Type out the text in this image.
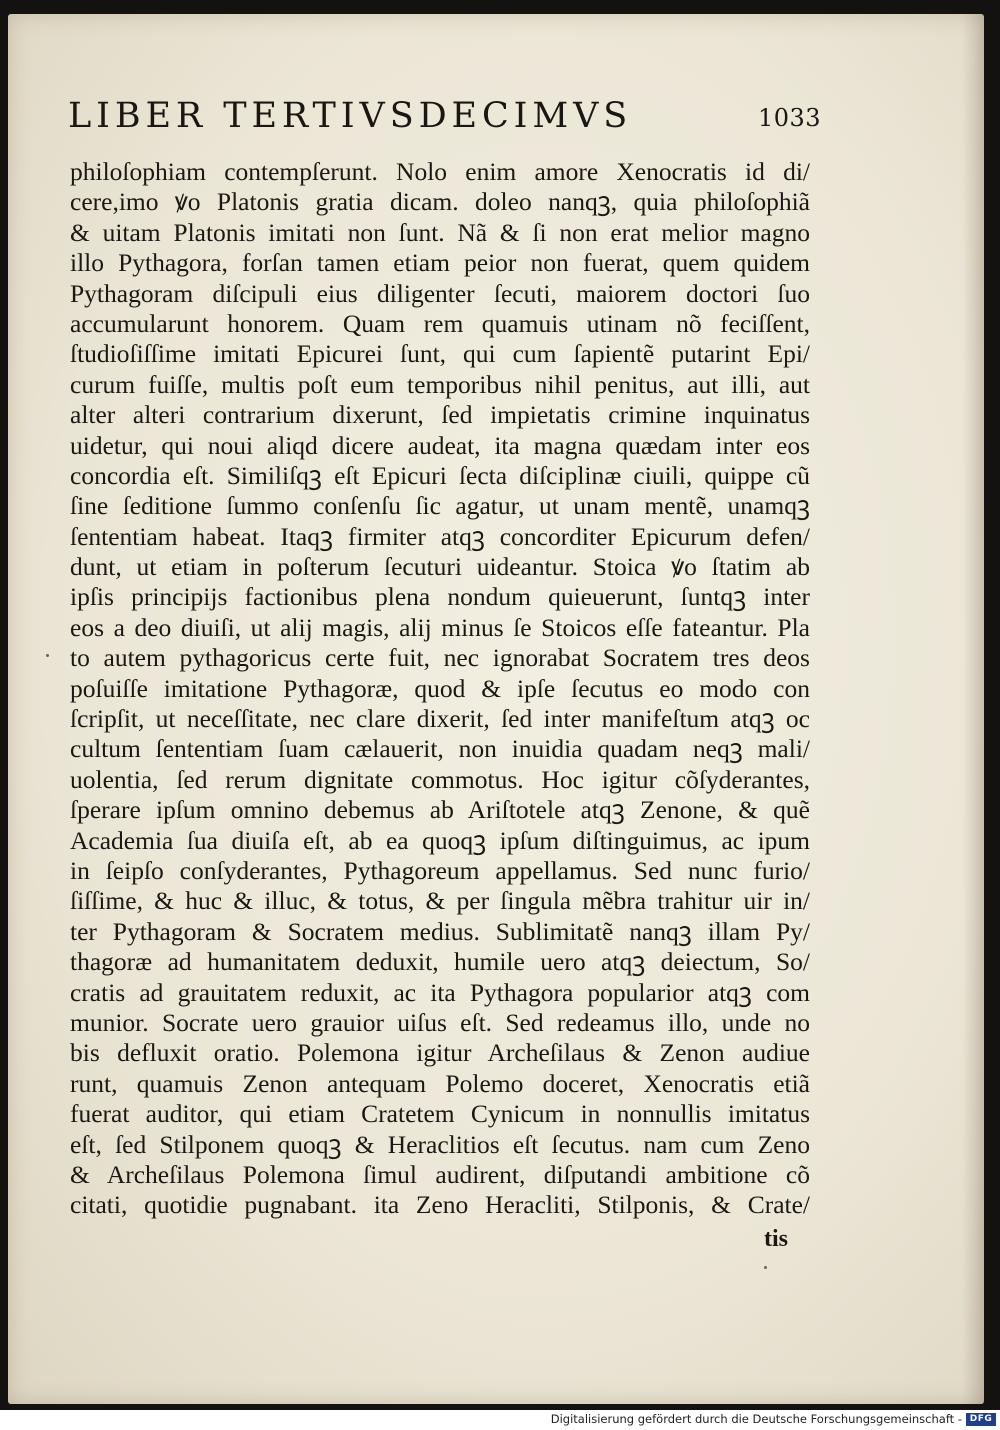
LIBER TERTIVSDECIMVS	1033
philoſophiam contempſerunt. Nolo enim amore Xenocratis id di/
cere,imo ꝟo Platonis gratia dicam. doleo nanqꝫ, quia philoſophiã
& uitam Platonis imitati non ſunt. Nã & ſi non erat melior magno
illo Pythagora, forſan tamen etiam peior non fuerat, quem quidem
Pythagoram diſcipuli eius diligenter ſecuti, maiorem doctori ſuo
accumularunt honorem. Quam rem quamuis utinam nõ feciſſent,
ſtudioſiſſime imitati Epicurei ſunt, qui cum ſapientẽ putarint Epi/
curum fuiſſe, multis poſt eum temporibus nihil penitus, aut illi, aut
alter alteri contrarium dixerunt, ſed impietatis crimine inquinatus
uidetur, qui noui aliqd dicere audeat, ita magna quædam inter eos
concordia eſt. Similiſqꝫ eſt Epicuri ſecta diſciplinæ ciuili, quippe cũ
ſine ſeditione ſummo conſenſu ſic agatur, ut unam mentẽ, unamqꝫ
ſententiam habeat. Itaqꝫ firmiter atqꝫ concorditer Epicurum defen/
dunt, ut etiam in poſterum ſecuturi uideantur. Stoica ꝟo ſtatim ab
ipſis principijs factionibus plena nondum quieuerunt, ſuntqꝫ inter
eos a deo diuiſi, ut alij magis, alij minus ſe Stoicos eſſe fateantur. Pla
to autem pythagoricus certe fuit, nec ignorabat Socratem tres deos
poſuiſſe imitatione Pythagoræ, quod & ipſe ſecutus eo modo con
ſcripſit, ut neceſſitate, nec clare dixerit, ſed inter manifeſtum atqꝫ oc
cultum ſententiam ſuam cælauerit, non inuidia quadam neqꝫ mali/
uolentia, ſed rerum dignitate commotus. Hoc igitur cõſyderantes,
ſperare ipſum omnino debemus ab Ariſtotele atqꝫ Zenone, & quẽ
Academia ſua diuiſa eſt, ab ea quoqꝫ ipſum diſtinguimus, ac ipum
in ſeipſo conſyderantes, Pythagoreum appellamus. Sed nunc furio/
ſiſſime, & huc & illuc, & totus, & per ſingula mẽbra trahitur uir in/
ter Pythagoram & Socratem medius. Sublimitatẽ nanqꝫ illam Py/
thagoræ ad humanitatem deduxit, humile uero atqꝫ deiectum, So/
cratis ad grauitatem reduxit, ac ita Pythagora popularior atqꝫ com
munior. Socrate uero grauior uiſus eſt. Sed redeamus illo, unde no
bis defluxit oratio. Polemona igitur Archeſilaus & Zenon audiue
runt, quamuis Zenon antequam Polemo doceret, Xenocratis etiã
fuerat auditor, qui etiam Cratetem Cynicum in nonnullis imitatus
eſt, ſed Stilponem quoqꝫ & Heraclitios eſt ſecutus. nam cum Zeno
& Archeſilaus Polemona ſimul audirent, diſputandi ambitione cõ
citati, quotidie pugnabant. ita Zeno Heracliti, Stilponis, & Crate/
tis
Digitalisierung gefördert durch die Deutsche Forschungsgemeinschaft - DFG
